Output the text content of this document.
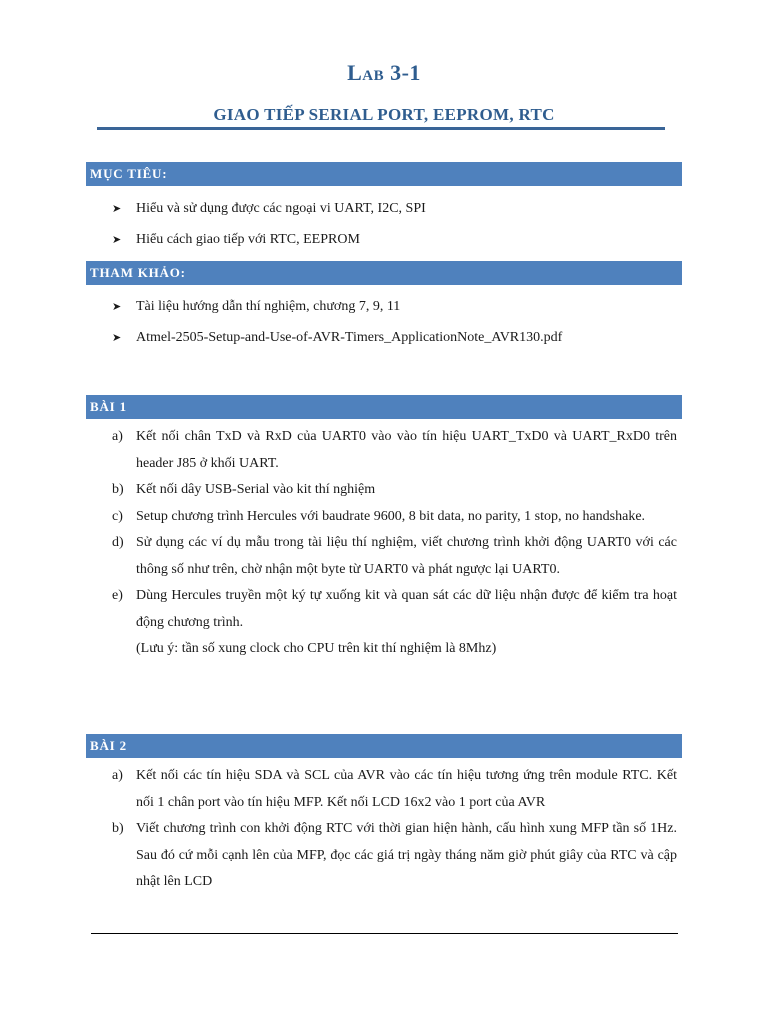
Lab 3-1
GIAO TIẾP SERIAL PORT, EEPROM, RTC
MỤC TIÊU:
➤	Hiểu và sử dụng được các ngoại vi UART, I2C, SPI
➤	Hiểu cách giao tiếp với RTC, EEPROM
THAM KHẢO:
➤	Tài liệu hướng dẫn thí nghiệm, chương 7, 9, 11
➤	Atmel-2505-Setup-and-Use-of-AVR-Timers_ApplicationNote_AVR130.pdf
BÀI 1
a) Kết nối chân TxD và RxD của UART0 vào vào tín hiệu UART_TxD0 và UART_RxD0 trên header J85 ở khối UART.
b) Kết nối dây USB-Serial vào kit thí nghiệm
c) Setup chương trình Hercules với baudrate 9600, 8 bit data, no parity, 1 stop, no handshake.
d) Sử dụng các ví dụ mẫu trong tài liệu thí nghiệm, viết chương trình khởi động UART0 với các thông số như trên, chờ nhận một byte từ UART0 và phát ngược lại UART0.
e) Dùng Hercules truyền một ký tự xuống kit và quan sát các dữ liệu nhận được để kiểm tra hoạt động chương trình.
(Lưu ý: tần số xung clock cho CPU trên kit thí nghiệm là 8Mhz)
BÀI 2
a) Kết nối các tín hiệu SDA và SCL của AVR vào các tín hiệu tương ứng trên module RTC. Kết nối 1 chân port vào tín hiệu MFP. Kết nối LCD 16x2 vào 1 port của AVR
b) Viết chương trình con khởi động RTC với thời gian hiện hành, cấu hình xung MFP tần số 1Hz. Sau đó cứ mỗi cạnh lên của MFP, đọc các giá trị ngày tháng năm giờ phút giây của RTC và cập nhật lên LCD
